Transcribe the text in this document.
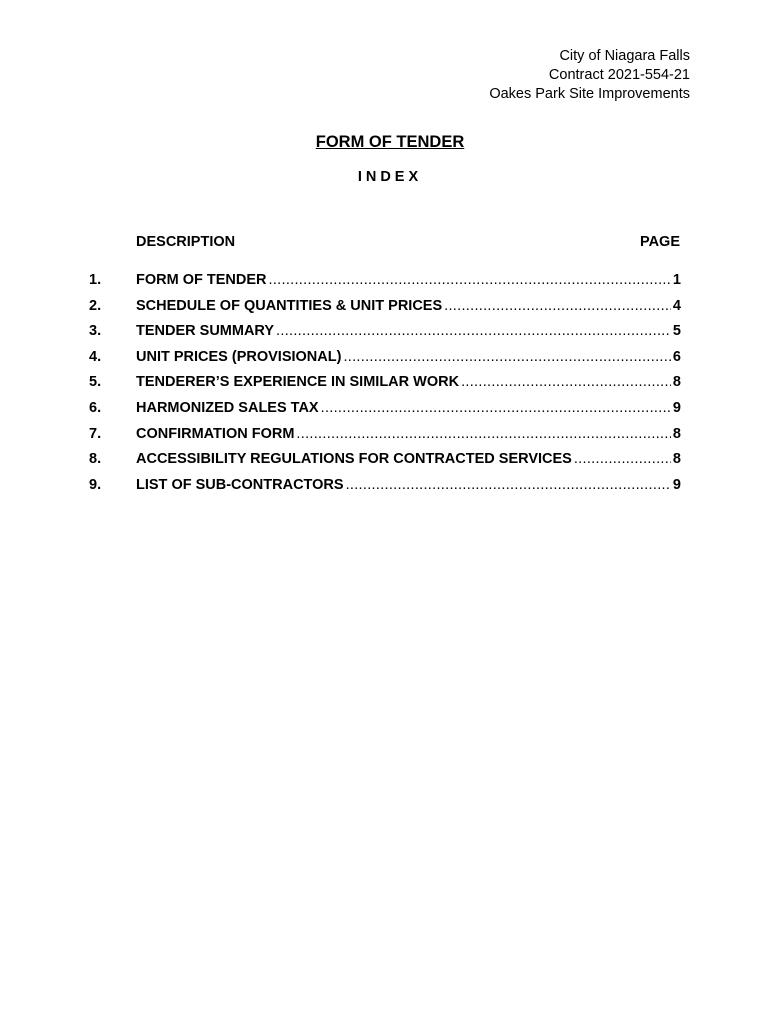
City of Niagara Falls
Contract 2021-554-21
Oakes Park Site Improvements
FORM OF TENDER
INDEX
DESCRIPTION	PAGE
1. FORM OF TENDER .....	1
2. SCHEDULE OF QUANTITIES & UNIT PRICES .....	4
3. TENDER SUMMARY .....	5
4. UNIT PRICES (PROVISIONAL) .....	6
5. TENDERER’S EXPERIENCE IN SIMILAR WORK .....	8
6. HARMONIZED SALES TAX .....	9
7. CONFIRMATION FORM .....	8
8. ACCESSIBILITY REGULATIONS FOR CONTRACTED SERVICES .....	8
9. LIST OF SUB-CONTRACTORS .....	9
